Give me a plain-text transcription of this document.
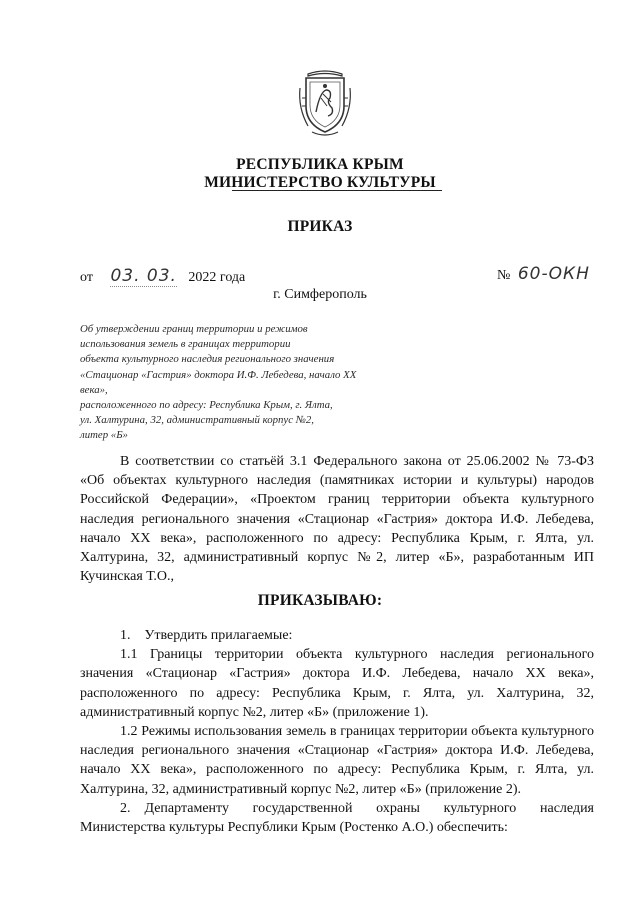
РЕСПУБЛИКА КРЫМ
МИНИСТЕРСТВО КУЛЬТУРЫ
ПРИКАЗ
от 03. 03. 2022 года	№ 60-ОКН
г. Симферополь
Об утверждении границ территории и режимов
использования земель в границах территории
объекта культурного наследия регионального значения
«Стационар «Гастрия» доктора И.Ф. Лебедева, начало XX века»,
расположенного по адресу: Республика Крым, г. Ялта,
ул. Халтурина, 32, административный корпус №2,
литер «Б»
В соответствии со статьёй 3.1 Федерального закона от 25.06.2002 № 73-ФЗ «Об объектах культурного наследия (памятниках истории и культуры) народов Российской Федерации», «Проектом границ территории объекта культурного наследия регионального значения «Стационар «Гастрия» доктора И.Ф. Лебедева, начало XX века», расположенного по адресу: Республика Крым, г. Ялта, ул. Халтурина, 32, административный корпус №2, литер «Б», разработанным ИП Кучинская Т.О.,
ПРИКАЗЫВАЮ:

1. Утвердить прилагаемые:

1.1 Границы территории объекта культурного наследия регионального значения «Стационар «Гастрия» доктора И.Ф. Лебедева, начало XX века», расположенного по адресу: Республика Крым, г. Ялта, ул. Халтурина, 32, административный корпус №2, литер «Б» (приложение 1).

1.2 Режимы использования земель в границах территории объекта культурного наследия регионального значения «Стационар «Гастрия» доктора И.Ф. Лебедева, начало XX века», расположенного по адресу: Республика Крым, г. Ялта, ул. Халтурина, 32, административный корпус №2, литер «Б» (приложение 2).

2. Департаменту государственной охраны культурного наследия Министерства культуры Республики Крым (Ростенко А.О.) обеспечить:
